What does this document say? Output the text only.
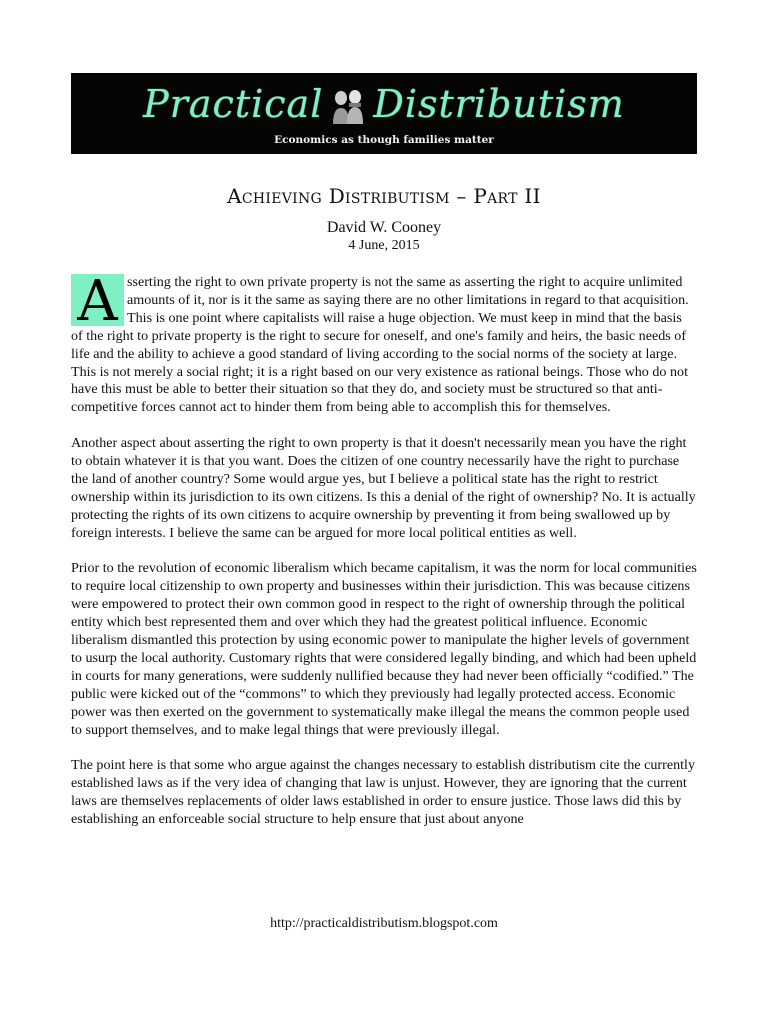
Practical Distributism
Economics as though families matter
Achieving Distributism – Part II
David W. Cooney
4 June, 2015

A sserting the right to own private property is not the same as asserting the right to acquire unlimited amounts of it, nor is it the same as saying there are no other limitations in regard to that acquisition. This is one point where capitalists will raise a huge objection. We must keep in mind that the basis of the right to private property is the right to secure for oneself, and one's family and heirs, the basic needs of life and the ability to achieve a good standard of living according to the social norms of the society at large. This is not merely a social right; it is a right based on our very existence as rational beings. Those who do not have this must be able to better their situation so that they do, and society must be structured so that anti-competitive forces cannot act to hinder them from being able to accomplish this for themselves.

Another aspect about asserting the right to own property is that it doesn't necessarily mean you have the right to obtain whatever it is that you want. Does the citizen of one country necessarily have the right to purchase the land of another country? Some would argue yes, but I believe a political state has the right to restrict ownership within its jurisdiction to its own citizens. Is this a denial of the right of ownership? No. It is actually protecting the rights of its own citizens to acquire ownership by preventing it from being swallowed up by foreign interests. I believe the same can be argued for more local political entities as well.

Prior to the revolution of economic liberalism which became capitalism, it was the norm for local communities to require local citizenship to own property and businesses within their jurisdiction. This was because citizens were empowered to protect their own common good in respect to the right of ownership through the political entity which best represented them and over which they had the greatest political influence. Economic liberalism dismantled this protection by using economic power to manipulate the higher levels of government to usurp the local authority. Customary rights that were considered legally binding, and which had been upheld in courts for many generations, were suddenly nullified because they had never been officially “codified.” The public were kicked out of the “commons” to which they previously had legally protected access. Economic power was then exerted on the government to systematically make illegal the means the common people used to support themselves, and to make legal things that were previously illegal.

The point here is that some who argue against the changes necessary to establish distributism cite the currently established laws as if the very idea of changing that law is unjust. However, they are ignoring that the current laws are themselves replacements of older laws established in order to ensure justice. Those laws did this by establishing an enforceable social structure to help ensure that just about anyone

http://practicaldistributism.blogspot.com
